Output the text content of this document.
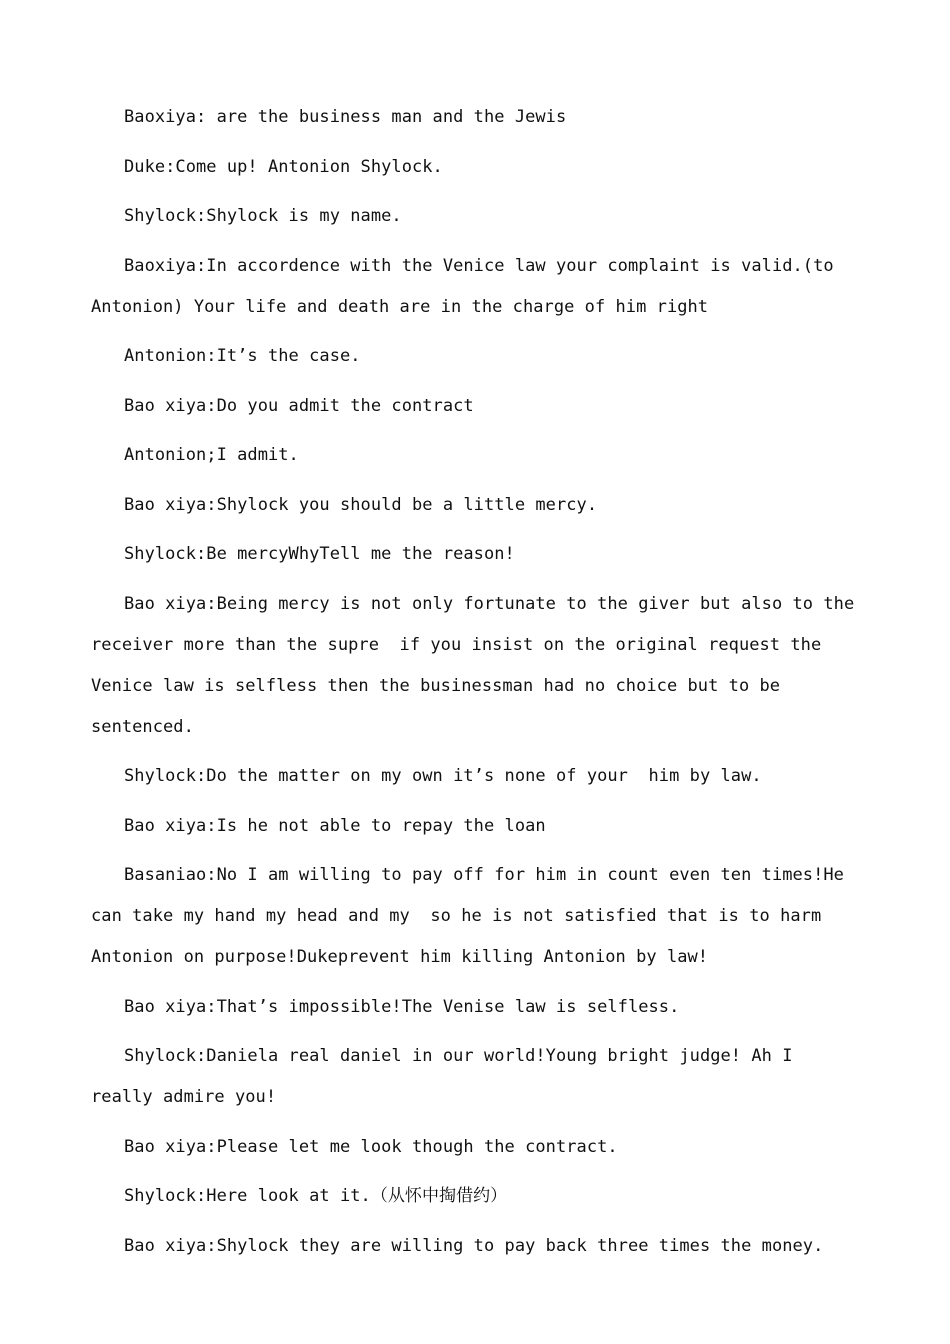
Baoxiya: are the business man and the Jewis

Duke:Come up! Antonion Shylock.

Shylock:Shylock is my name.

Baoxiya:In accordence with the Venice law your complaint is valid.(to Antonion) Your life and death are in the charge of him right

Antonion:It’s the case.

Bao xiya:Do you admit the contract

Antonion;I admit.

Bao xiya:Shylock you should be a little mercy.

Shylock:Be mercyWhyTell me the reason!

Bao xiya:Being mercy is not only fortunate to the giver but also to the receiver more than the supre  if you insist on the original request the Venice law is selfless then the businessman had no choice but to be sentenced.

Shylock:Do the matter on my own it’s none of your  him by law.

Bao xiya:Is he not able to repay the loan

Basaniao:No I am willing to pay off for him in count even ten times!He can take my hand my head and my  so he is not satisfied that is to harm Antonion on purpose!Dukeprevent him killing Antonion by law!

Bao xiya:That’s impossible!The Venise law is selfless.

Shylock:Daniela real daniel in our world!Young bright judge! Ah I  really admire you!

Bao xiya:Please let me look though the contract.

Shylock:Here look at it.（从怀中掏借约）

Bao xiya:Shylock they are willing to pay back three times the money.
